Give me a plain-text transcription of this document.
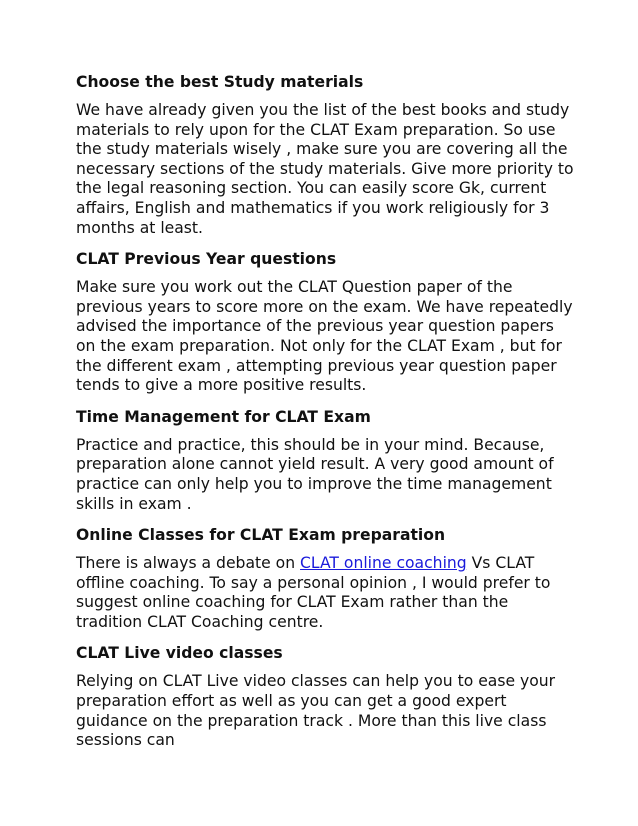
Choose the best Study materials

We have already given you the list of the best books and study materials to rely upon for the CLAT Exam preparation. So use the study materials wisely , make sure you are covering all the necessary sections of the study materials. Give more priority to the legal reasoning section. You can easily score Gk, current affairs, English and mathematics if you work religiously for 3 months at least.

CLAT Previous Year questions

Make sure you work out the CLAT Question paper of the previous years to score more on the exam. We have repeatedly advised the importance of the previous year question papers on the exam preparation. Not only for the CLAT Exam , but for the different exam , attempting previous year question paper tends to give a more positive results.

Time Management for CLAT Exam

Practice and practice, this should be in your mind. Because, preparation alone cannot yield result. A very good amount of practice can only help you to improve the time management skills in exam .

Online Classes for CLAT Exam preparation

There is always a debate on CLAT online coaching Vs CLAT offline coaching. To say a personal opinion , I would prefer to suggest online coaching for CLAT Exam rather than the tradition CLAT Coaching centre.

CLAT Live video classes

Relying on CLAT Live video classes can help you to ease your preparation effort as well as you can get a good expert guidance on the preparation track . More than this live class sessions can
